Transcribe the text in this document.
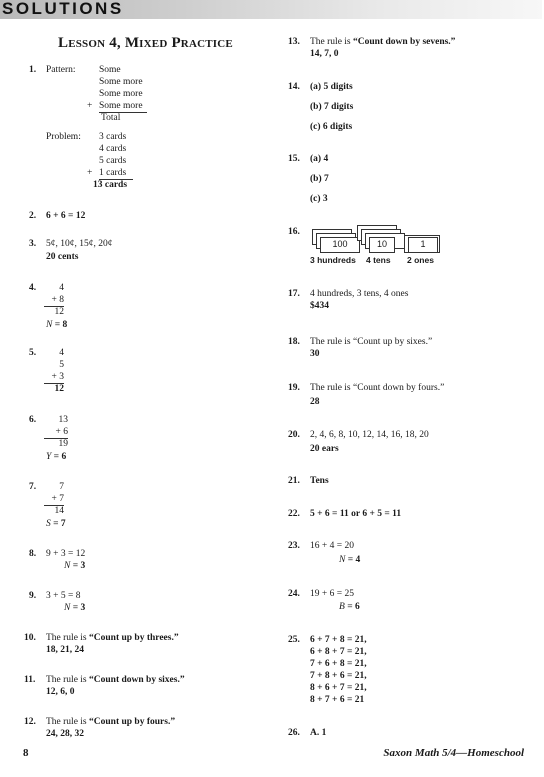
SOLUTIONS
Lesson 4, Mixed Practice
1. Pattern: Some
Some more
Some more
+ Some more
Total
Problem: 3 cards
4 cards
5 cards
+ 1 cards
13 cards
2. 6 + 6 = 12
3. 5¢, 10¢, 15¢, 20¢
20 cents
4.	4
+ 8
12
N = 8
5.	4
5
+ 3
12
6.	13
+ 6
19
Y = 6
7.	7
+ 7
14
S = 7
8. 9 + 3 = 12
N = 3
9. 3 + 5 = 8
N = 3
10. The rule is “Count up by threes.”
18, 21, 24
11. The rule is “Count down by sixes.”
12, 6, 0
12. The rule is “Count up by fours.”
24, 28, 32
13. The rule is “Count down by sevens.”
14, 7, 0
14. (a) 5 digits
(b) 7 digits
(c) 6 digits
15. (a) 4
(b) 7
(c) 3
16.
100	10	1
3 hundreds 4 tens 2 ones
17. 4 hundreds, 3 tens, 4 ones
$434
18. The rule is “Count up by sixes.”
30
19. The rule is “Count down by fours.”
28
20. 2, 4, 6, 8, 10, 12, 14, 16, 18, 20
20 ears
21. Tens
22. 5 + 6 = 11 or 6 + 5 = 11
23. 16 + 4 = 20
N = 4
24. 19 + 6 = 25
B = 6
25. 6 + 7 + 8 = 21,
6 + 8 + 7 = 21,
7 + 6 + 8 = 21,
7 + 8 + 6 = 21,
8 + 6 + 7 = 21,
8 + 7 + 6 = 21
26. A. 1
8	Saxon Math 5/4—Homeschool
